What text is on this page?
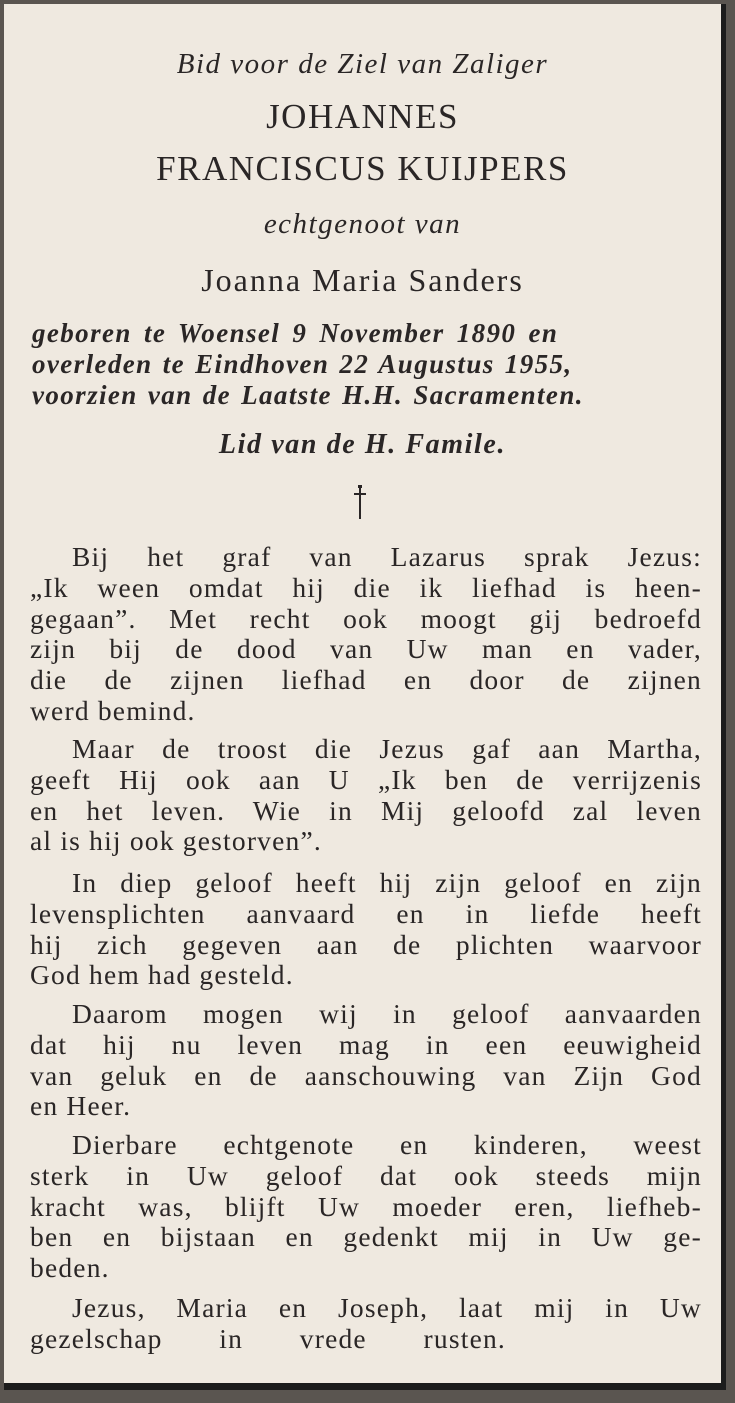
Bid voor de Ziel van Zaliger
JOHANNES
FRANCISCUS KUIJPERS
echtgenoot van
Joanna Maria Sanders
geboren te Woensel 9 November 1890 en
overleden te Eindhoven 22 Augustus 1955,
voorzien van de Laatste H.H. Sacramenten.
Lid van de H. Famile.
Bij het graf van Lazarus sprak Jezus:
„Ik ween omdat hij die ik liefhad is heen-
gegaan”. Met recht ook moogt gij bedroefd
zijn bij de dood van Uw man en vader,
die de zijnen liefhad en door de zijnen
werd bemind.
Maar de troost die Jezus gaf aan Martha,
geeft Hij ook aan U „Ik ben de verrijzenis
en het leven. Wie in Mij geloofd zal leven
al is hij ook gestorven”.
In diep geloof heeft hij zijn geloof en zijn
levensplichten aanvaard en in liefde heeft
hij zich gegeven aan de plichten waarvoor
God hem had gesteld.
Daarom mogen wij in geloof aanvaarden
dat hij nu leven mag in een eeuwigheid
van geluk en de aanschouwing van Zijn God
en Heer.
Dierbare echtgenote en kinderen, weest
sterk in Uw geloof dat ook steeds mijn
kracht was, blijft Uw moeder eren, liefheb-
ben en bijstaan en gedenkt mij in Uw ge-
beden.
Jezus, Maria en Joseph, laat mij in Uw
gezelschap in vrede rusten.
